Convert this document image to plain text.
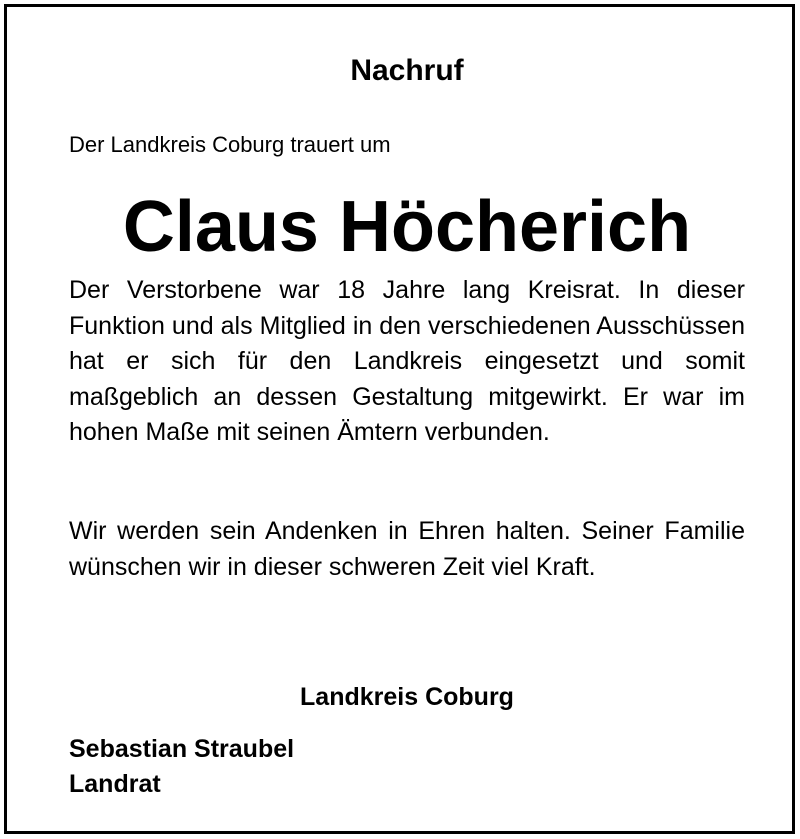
Nachruf
Der Landkreis Coburg trauert um
Claus Höcherich
Der Verstorbene war 18 Jahre lang Kreisrat. In dieser Funktion und als Mitglied in den verschiedenen Ausschüssen hat er sich für den Landkreis eingesetzt und somit maßgeblich an dessen Gestaltung mitgewirkt. Er war im hohen Maße mit seinen Ämtern verbunden.
Wir werden sein Andenken in Ehren halten. Seiner Familie wünschen wir in dieser schweren Zeit viel Kraft.
Landkreis Coburg
Sebastian Straubel
Landrat
